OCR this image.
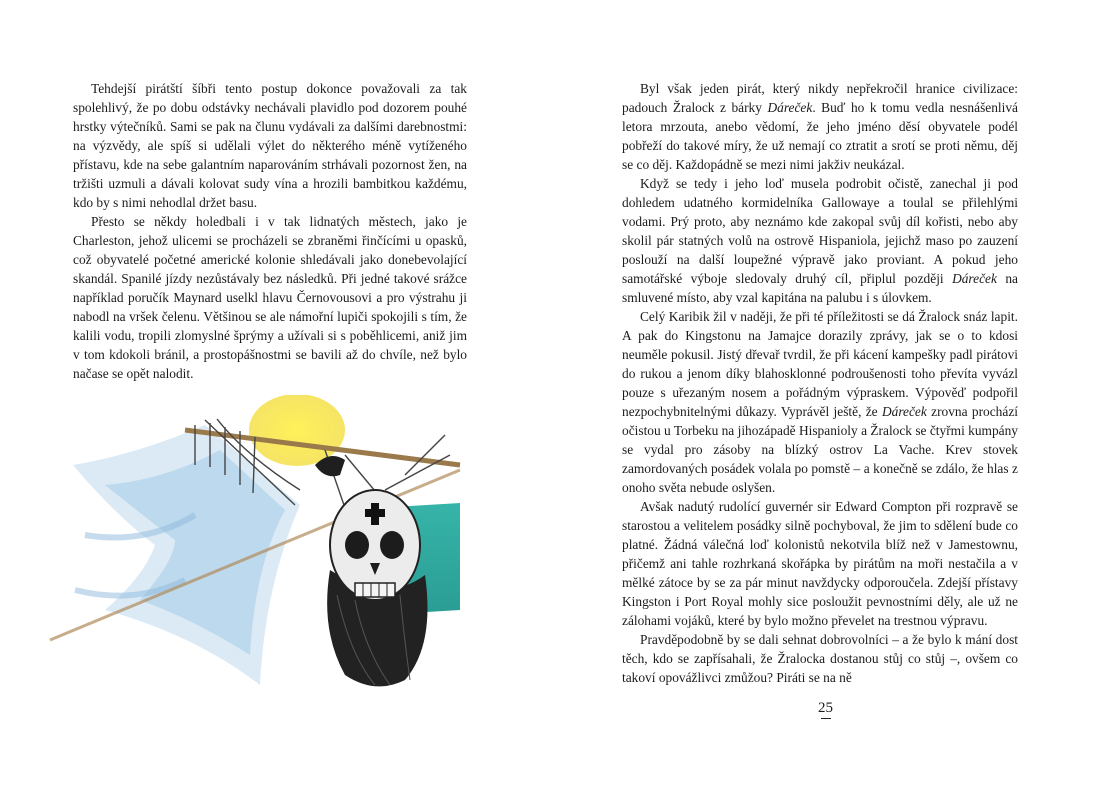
Tehdejší pirátští šíbři tento postup dokonce považovali za tak spolehlivý, že po dobu odstávky nechávali plavidlo pod dozorem pouhé hrstky výtečníků. Sami se pak na člunu vydávali za dalšími darebnostmi: na výzvědy, ale spíš si udělali výlet do některého méně vytíženého přístavu, kde na sebe galantním naparováním strhávali pozornost žen, na tržišti uzmuli a dávali kolovat sudy vína a hrozili bambitkou každému, kdo by s nimi nehodlal držet basu.

Přesto se někdy holedbali i v tak lidnatých městech, jako je Charleston, jehož ulicemi se procházeli se zbraněmi řinčícími u opasků, což obyvatelé početné americké kolonie shledávali jako donebevolající skandál. Spanilé jízdy nezůstávaly bez následků. Při jedné takové srážce například poručík Maynard uselkl hlavu Černovousovi a pro výstrahu ji nabodl na vršek čelenu. Většinou se ale námořní lupiči spokojili s tím, že kalili vodu, tropili zlomyslné šprýmy a užívali si s poběhlicemi, aniž jim v tom kdokoli bránil, a prostopášnostmi se bavili až do chvíle, než bylo načase se opět nalodit.

Byl však jeden pirát, který nikdy nepřekročil hranice civilizace: padouch Žralock z bárky Dáreček. Buď ho k tomu vedla nesnášenlivá letora mrzouta, anebo vědomí, že jeho jméno děsí obyvatele podél pobřeží do takové míry, že už nemají co ztratit a srotí se proti němu, děj se co děj. Každopádně se mezi nimi jakživ neukázal.

Když se tedy i jeho loď musela podrobit očistě, zanechal ji pod dohledem udatného kormidelníka Gallowaye a toulal se přilehlými vodami. Prý proto, aby neznámo kde zakopal svůj díl kořisti, nebo aby skolil pár statných volů na ostrově Hispaniola, jejichž maso po zauzení poslouží na další loupežné výpravě jako proviant. A pokud jeho samotářské výboje sledovaly druhý cíl, připlul později Dáreček na smluvené místo, aby vzal kapitána na palubu i s úlovkem.

Celý Karibik žil v naději, že při té příležitosti se dá Žralock snáz lapit. A pak do Kingstonu na Jamajce dorazily zprávy, jak se o to kdosi neuměle pokusil. Jistý dřevař tvrdil, že při kácení kampešky padl pirátovi do rukou a jenom díky blahosklonné podroušenosti toho převíta vyvázl pouze s uřezaným nosem a pořádným výpraskem. Výpověď podpořil nezpochybnitelnými důkazy. Vyprávěl ještě, že Dáreček zrovna prochází očistou u Torbeku na jihozápadě Hispanioly a Žralock se čtyřmi kumpány se vydal pro zásoby na blízký ostrov La Vache. Krev stovek zamordovaných posádek volala po pomstě – a konečně se zdálo, že hlas z onoho světa nebude oslyšen.

Avšak nadutý rudolící guvernér sir Edward Compton při rozpravě se starostou a velitelem posádky silně pochyboval, že jim to sdělení bude co platné. Žádná válečná loď kolonistů nekotvila blíž než v Jamestownu, přičemž ani tahle rozhrkaná skořápka by pirátům na moři nestačila a v mělké zátoce by se za pár minut navždycky odporoučela. Zdejší přístavy Kingston i Port Royal mohly sice posloužit pevnostními děly, ale už ne zálohami vojáků, které by bylo možno převelet na trestnou výpravu.

Pravděpodobně by se dali sehnat dobrovolníci – a že bylo k mání dost těch, kdo se zapřísahali, že Žralocka dostanou stůj co stůj –, ovšem co takoví opovážlivci zmůžou? Piráti se na ně

25
